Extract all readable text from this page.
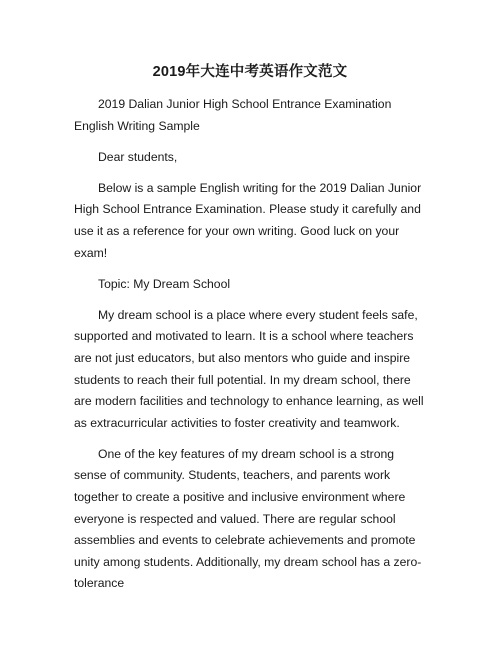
2019年大连中考英语作文范文

2019 Dalian Junior High School Entrance Examination English Writing Sample

Dear students,

Below is a sample English writing for the 2019 Dalian Junior High School Entrance Examination. Please study it carefully and use it as a reference for your own writing. Good luck on your exam!

Topic: My Dream School

My dream school is a place where every student feels safe, supported and motivated to learn. It is a school where teachers are not just educators, but also mentors who guide and inspire students to reach their full potential. In my dream school, there are modern facilities and technology to enhance learning, as well as extracurricular activities to foster creativity and teamwork.

One of the key features of my dream school is a strong sense of community. Students, teachers, and parents work together to create a positive and inclusive environment where everyone is respected and valued. There are regular school assemblies and events to celebrate achievements and promote unity among students. Additionally, my dream school has a zero-tolerance
